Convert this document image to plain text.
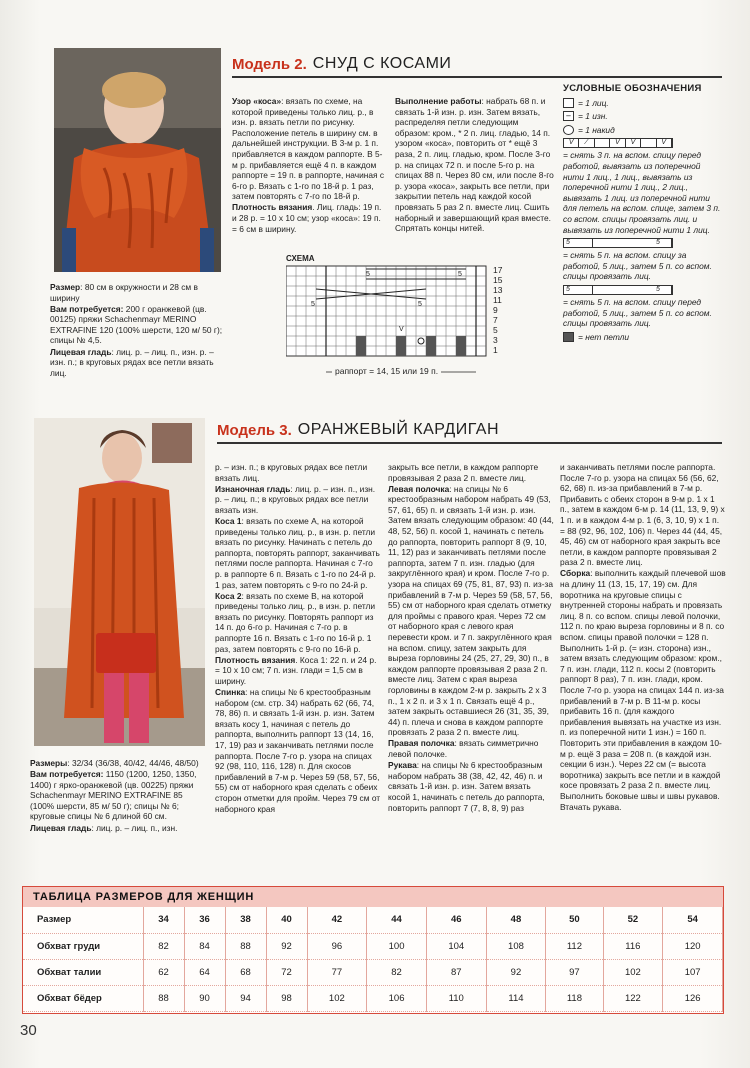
Модель 2. СНУД С КОСАМИ

Размер: 80 см в окружности и 28 см в ширину

Вам потребуется: 200 г оранжевой (цв. 00125) пряжи Schachenmayr MERINO EXTRAFINE 120 (100% шерсти, 120 м/ 50 г); спицы № 4,5.

Лицевая гладь: лиц. р. – лиц. п., изн. р. – изн. п.; в круговых рядах все петли вязать лиц.

Узор «коса»: вязать по схеме, на которой приведены только лиц. р., в изн. р. вязать петли по рисунку. Расположение петель в ширину см. в дальнейшей инструкции. В 3-м р. 1 п. прибавляется в каждом раппорте. В 5-м р. прибавляется ещё 4 п. в каждом раппорте = 19 п. в раппорте, начиная с 6-го р. Вязать с 1-го по 18-й р. 1 раз, затем повторять с 7-го по 18-й р.

Плотность вязания. Лиц. гладь: 19 п. и 28 р. = 10 х 10 см; узор «коса»: 19 п. = 6 см в ширину.

Выполнение работы: набрать 68 п. и связать 1-й изн. р. изн. Затем вязать, распределяя петли следующим образом: кром., * 2 п. лиц. гладью, 14 п. узором «коса», повторить от * ещё 3 раза, 2 п. лиц. гладью, кром. После 3-го р. на спицах 72 п. и после 5-го р. на спицах 88 п. Через 80 см, или после 8-го р. узора «коса», закрыть все петли, при закрытии петель над каждой косой провязать 5 раз 2 п. вместе лиц. Сшить наборный и завершающий края вместе. Спрятать концы нитей.

УСЛОВНЫЕ ОБОЗНАЧЕНИЯ
= 1 лиц.
– = 1 изн.
= 1 накид
V	⁄	V	V	V
= снять 3 п. на вспом. спицу перед работой, вывязать из поперечной нити 1 лиц., 1 лиц., вывязать из поперечной нити 1 лиц., 2 лиц., вывязать 1 лиц. из поперечной нити для петель на вспом. спице, затем 3 п. со вспом. спицы провязать лиц. и вывязать из поперечной нити 1 лиц.
5	5
= снять 5 п. на вспом. спицу за работой, 5 лиц., затем 5 п. со вспом. спицы провязать лиц.
5	5
= снять 5 п. на вспом. спицу перед работой, 5 лиц., затем 5 п. со вспом. спицы провязать лиц.
= нет петли
СХЕМА
5	5
5	5
V
17
15
13
11
9
7
5
3
1
раппорт = 14, 15 или 19 п.
Модель 3. ОРАНЖЕВЫЙ КАРДИГАН

Размеры: 32/34 (36/38, 40/42, 44/46, 48/50)

Вам потребуется: 1150 (1200, 1250, 1350, 1400) г ярко-оранжевой (цв. 00225) пряжи Schachenmayr MERINO EXTRAFINE 85 (100% шерсти, 85 м/ 50 г); спицы № 6; круговые спицы № 6 длиной 60 см.

Лицевая гладь: лиц. р. – лиц. п., изн.

р. – изн. п.; в круговых рядах все петли вязать лиц.

Изнаночная гладь: лиц. р. – изн. п., изн. р. – лиц. п.; в круговых рядах все петли вязать изн.

Коса 1: вязать по схеме А, на которой приведены только лиц. р., в изн. р. петли вязать по рисунку. Начинать с петель до раппорта, повторять раппорт, заканчивать петлями после раппорта. Начиная с 7-го р. в раппорте 6 п. Вязать с 1-го по 24-й р. 1 раз, затем повторять с 9-го по 24-й р.

Коса 2: вязать по схеме В, на которой приведены только лиц. р., в изн. р. петли вязать по рисунку. Повторять раппорт из 14 п. до 6-го р. Начиная с 7-го р. в раппорте 16 п. Вязать с 1-го по 16-й р. 1 раз, затем повторять с 9-го по 16-й р.

Плотность вязания. Коса 1: 22 п. и 24 р. = 10 х 10 см; 7 п. изн. глади = 1,5 см в ширину.

Спинка: на спицы № 6 крестообразным набором (см. стр. 34) набрать 62 (66, 74, 78, 86) п. и связать 1-й изн. р. изн. Затем вязать косу 1, начиная с петель до раппорта, выполнить раппорт 13 (14, 16, 17, 19) раз и заканчивать петлями после раппорта. После 7-го р. узора на спицах 92 (98, 110, 116, 128) п. Для скосов прибавлений в 7-м р. Через 59 (58, 57, 56, 55) см от наборного края сделать с обеих сторон отметки для пройм. Через 79 см от наборного края

закрыть все петли, в каждом раппорте провязывая 2 раза 2 п. вместе лиц.

Левая полочка: на спицы № 6 крестообразным набором набрать 49 (53, 57, 61, 65) п. и связать 1-й изн. р. изн. Затем вязать следующим образом: 40 (44, 48, 52, 56) п. косой 1, начинать с петель до раппорта, повторить раппорт 8 (9, 10, 11, 12) раз и заканчивать петлями после раппорта, затем 7 п. изн. гладью (для закруглённого края) и кром. После 7-го р. узора на спицах 69 (75, 81, 87, 93) п. из-за прибавлений в 7-м р. Через 59 (58, 57, 56, 55) см от наборного края сделать отметку для проймы с правого края. Через 72 см от наборного края с левого края перевести кром. и 7 п. закруглённого края на вспом. спицу, затем закрыть для выреза горловины 24 (25, 27, 29, 30) п., в каждом раппорте провязывая 2 раза 2 п. вместе лиц. Затем с края выреза горловины в каждом 2-м р. закрыть 2 х 3 п., 1 х 2 п. и 3 х 1 п. Связать ещё 4 р., затем закрыть оставшиеся 26 (31, 35, 39, 44) п. плеча и снова в каждом раппорте провязать 2 раза 2 п. вместе лиц.

Правая полочка: вязать симметрично левой полочке.

Рукава: на спицы № 6 крестообразным набором набрать 38 (38, 42, 42, 46) п. и связать 1-й изн. р. изн. Затем вязать косой 1, начинать с петель до раппорта, повторить раппорт 7 (7, 8, 8, 9) раз

и заканчивать петлями после раппорта. После 7-го р. узора на спицах 56 (56, 62, 62, 68) п. из-за прибавлений в 7-м р. Прибавить с обеих сторон в 9-м р. 1 х 1 п., затем в каждом 6-м р. 14 (11, 13, 9, 9) х 1 п. и в каждом 4-м р. 1 (6, 3, 10, 9) х 1 п. = 88 (92, 96, 102, 106) п. Через 44 (44, 45, 45, 46) см от наборного края закрыть все петли, в каждом раппорте провязывая 2 раза 2 п. вместе лиц.

Сборка: выполнить каждый плечевой шов на длину 11 (13, 15, 17, 19) см. Для воротника на круговые спицы с внутренней стороны набрать и провязать лиц. 8 п. со вспом. спицы левой полочки, 112 п. по краю выреза горловины и 8 п. со вспом. спицы правой полочки = 128 п. Выполнить 1-й р. (= изн. сторона) изн., затем вязать следующим образом: кром., 7 п. изн. глади, 112 п. косы 2 (повторить раппорт 8 раз), 7 п. изн. глади, кром. После 7-го р. узора на спицах 144 п. из-за прибавлений в 7-м р. В 11-м р. косы прибавить 16 п. (для каждого прибавления вывязать на участке из изн. п. из поперечной нити 1 изн.) = 160 п. Повторить эти прибавления в каждом 10-м р. ещё 3 раза = 208 п. (в каждой изн. секции 6 изн.). Через 22 см (= высота воротника) закрыть все петли и в каждой косе провязать 2 раза 2 п. вместе лиц. Выполнить боковые швы и швы рукавов. Втачать рукава.

ТАБЛИЦА РАЗМЕРОВ ДЛЯ ЖЕНЩИН
Размер	34	36	38	40	42	44	46	48	50	52	54
Обхват груди	82	84	88	92	96	100	104	108	112	116	120
Обхват талии	62	64	68	72	77	82	87	92	97	102	107
Обхват бёдер	88	90	94	98	102	106	110	114	118	122	126
30
